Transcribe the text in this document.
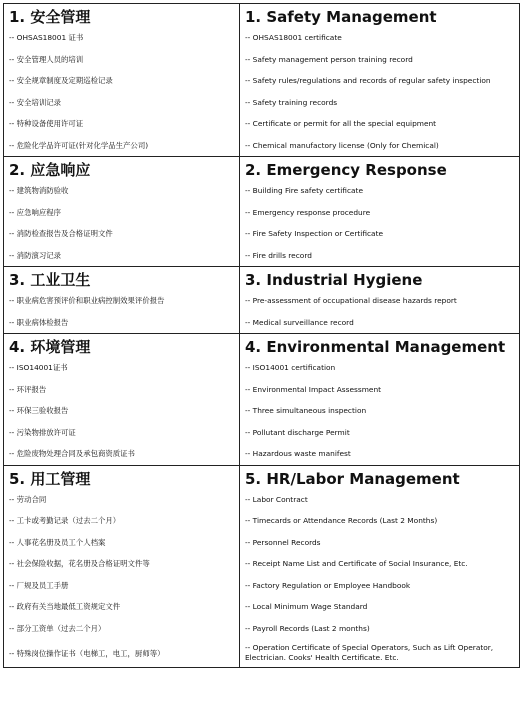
1. 安全管理
-- OHSAS18001 证书
-- 安全管理人员的培训
-- 安全规章制度及定期巡检记录
-- 安全培训记录
-- 特种设备使用许可证
-- 危险化学品许可证(针对化学品生产公司)
1. Safety Management
-- OHSAS18001 certificate
-- Safety management person training record
-- Safety rules/regulations and records of regular safety inspection
-- Safety training records
-- Certificate or permit for all the special equipment
-- Chemical manufactory license (Only for Chemical)
2. 应急响应
-- 建筑物消防验收
-- 应急响应程序
-- 消防检查报告及合格证明文件
-- 消防演习记录
2. Emergency Response
-- Building Fire safety certificate
-- Emergency response procedure
-- Fire Safety Inspection or Certificate
-- Fire drills record
3. 工业卫生
-- 职业病危害预评价和职业病控制效果评价报告
-- 职业病体检报告
3. Industrial Hygiene
-- Pre-assessment of occupational disease hazards report
-- Medical surveillance record
4. 环境管理
-- ISO14001证书
-- 环评报告
-- 环保三验收报告
-- 污染物排放许可证
-- 危险废物处理合同及承包商资质证书
4. Environmental Management
-- ISO14001 certification
-- Environmental Impact Assessment
-- Three simultaneous inspection
-- Pollutant discharge Permit
-- Hazardous waste manifest
5. 用工管理
-- 劳动合同
-- 工卡或考勤记录（过去二个月）
-- 人事花名册及员工个人档案
-- 社会保险收据，花名册及合格证明文件等
-- 厂规及员工手册
-- 政府有关当地最低工资规定文件
-- 部分工资单（过去二个月）
-- 特殊岗位操作证书（电梯工，电工，厨师等）
5. HR/Labor Management
-- Labor Contract
-- Timecards or Attendance Records (Last 2 Months)
-- Personnel Records
-- Receipt Name List and Certificate of Social Insurance, Etc.
-- Factory Regulation or Employee Handbook
-- Local Minimum Wage Standard
-- Payroll Records (Last 2 months)
-- Operation Certificate of Special Operators, Such as Lift Operator, Electrician. Cooks' Health Certificate. Etc.
